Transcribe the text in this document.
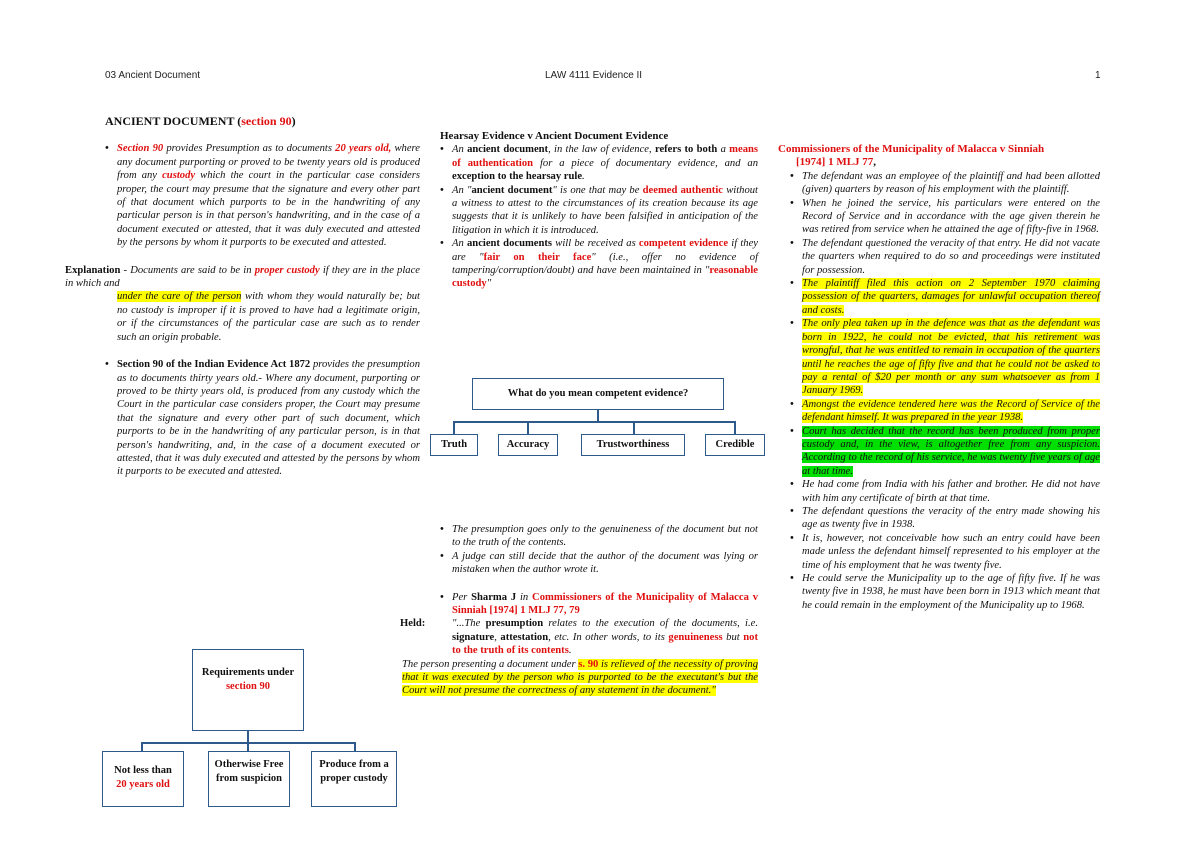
03 Ancient Document	LAW 4111 Evidence II	1
ANCIENT DOCUMENT (section 90)
• Section 90 provides Presumption as to documents 20 years old, where any document purporting or proved to be twenty years old is produced from any custody which the court in the particular case considers proper, the court may presume that the signature and every other part of that document which purports to be in the handwriting of any particular person is in that person's handwriting, and in the case of a document executed or attested, that it was duly executed and attested by the persons by whom it purports to be executed and attested.
Explanation - Documents are said to be in proper custody if they are in the place in which and
under the care of the person with whom they would naturally be; but no custody is improper if it is proved to have had a legitimate origin, or if the circumstances of the particular case are such as to render such an origin probable.
• Section 90 of the Indian Evidence Act 1872 provides the presumption as to documents thirty years old.- Where any document, purporting or proved to be thirty years old, is produced from any custody which the Court in the particular case considers proper, the Court may presume that the signature and every other part of such document, which purports to be in the handwriting of any particular person, is in that person's handwriting, and, in the case of a document executed or attested, that it was duly executed and attested by the persons by whom it purports to be executed and attested.
Requirements under
section 90
Not less than
20 years old
Otherwise Free from suspicion
Produce from a proper custody
Hearsay Evidence v Ancient Document Evidence
• An ancient document, in the law of evidence, refers to both a means of authentication for a piece of documentary evidence, and an exception to the hearsay rule.
• An "ancient document" is one that may be deemed authentic without a witness to attest to the circumstances of its creation because its age suggests that it is unlikely to have been falsified in anticipation of the litigation in which it is introduced.
• An ancient documents will be received as competent evidence if they are "fair on their face" (i.e., offer no evidence of tampering/corruption/doubt) and have been maintained in "reasonable custody"
What do you mean competent evidence?
Truth	Accuracy	Trustworthiness	Credible
• The presumption goes only to the genuineness of the document but not to the truth of the contents.
• A judge can still decide that the author of the document was lying or mistaken when the author wrote it.
• Per Sharma J in Commissioners of the Municipality of Malacca v Sinniah [1974] 1 MLJ 77, 79
Held:	"...The presumption relates to the execution of the documents, i.e. signature, attestation, etc. In other words, to its genuineness but not to the truth of its contents.
The person presenting a document under s. 90 is relieved of the necessity of proving that it was executed by the person who is purported to be the executant's but the Court will not presume the correctness of any statement in the document."
Commissioners of the Municipality of Malacca v Sinniah
[1974] 1 MLJ 77,
• The defendant was an employee of the plaintiff and had been allotted (given) quarters by reason of his employment with the plaintiff.
• When he joined the service, his particulars were entered on the Record of Service and in accordance with the age given therein he was retired from service when he attained the age of fifty-five in 1968.
• The defendant questioned the veracity of that entry. He did not vacate the quarters when required to do so and proceedings were instituted for possession.
• The plaintiff filed this action on 2 September 1970 claiming possession of the quarters, damages for unlawful occupation thereof and costs.
• The only plea taken up in the defence was that as the defendant was born in 1922, he could not be evicted, that his retirement was wrongful, that he was entitled to remain in occupation of the quarters until he reaches the age of fifty five and that he could not be asked to pay a rental of $20 per month or any sum whatsoever as from 1 January 1969.
• Amongst the evidence tendered here was the Record of Service of the defendant himself. It was prepared in the year 1938.
• Court has decided that the record has been produced from proper custody and, in the view, is altogether free from any suspicion. According to the record of his service, he was twenty five years of age at that time.
• He had come from India with his father and brother. He did not have with him any certificate of birth at that time.
• The defendant questions the veracity of the entry made showing his age as twenty five in 1938.
• It is, however, not conceivable how such an entry could have been made unless the defendant himself represented to his employer at the time of his employment that he was twenty five.
• He could serve the Municipality up to the age of fifty five. If he was twenty five in 1938, he must have been born in 1913 which meant that he could remain in the employment of the Municipality up to 1968.
